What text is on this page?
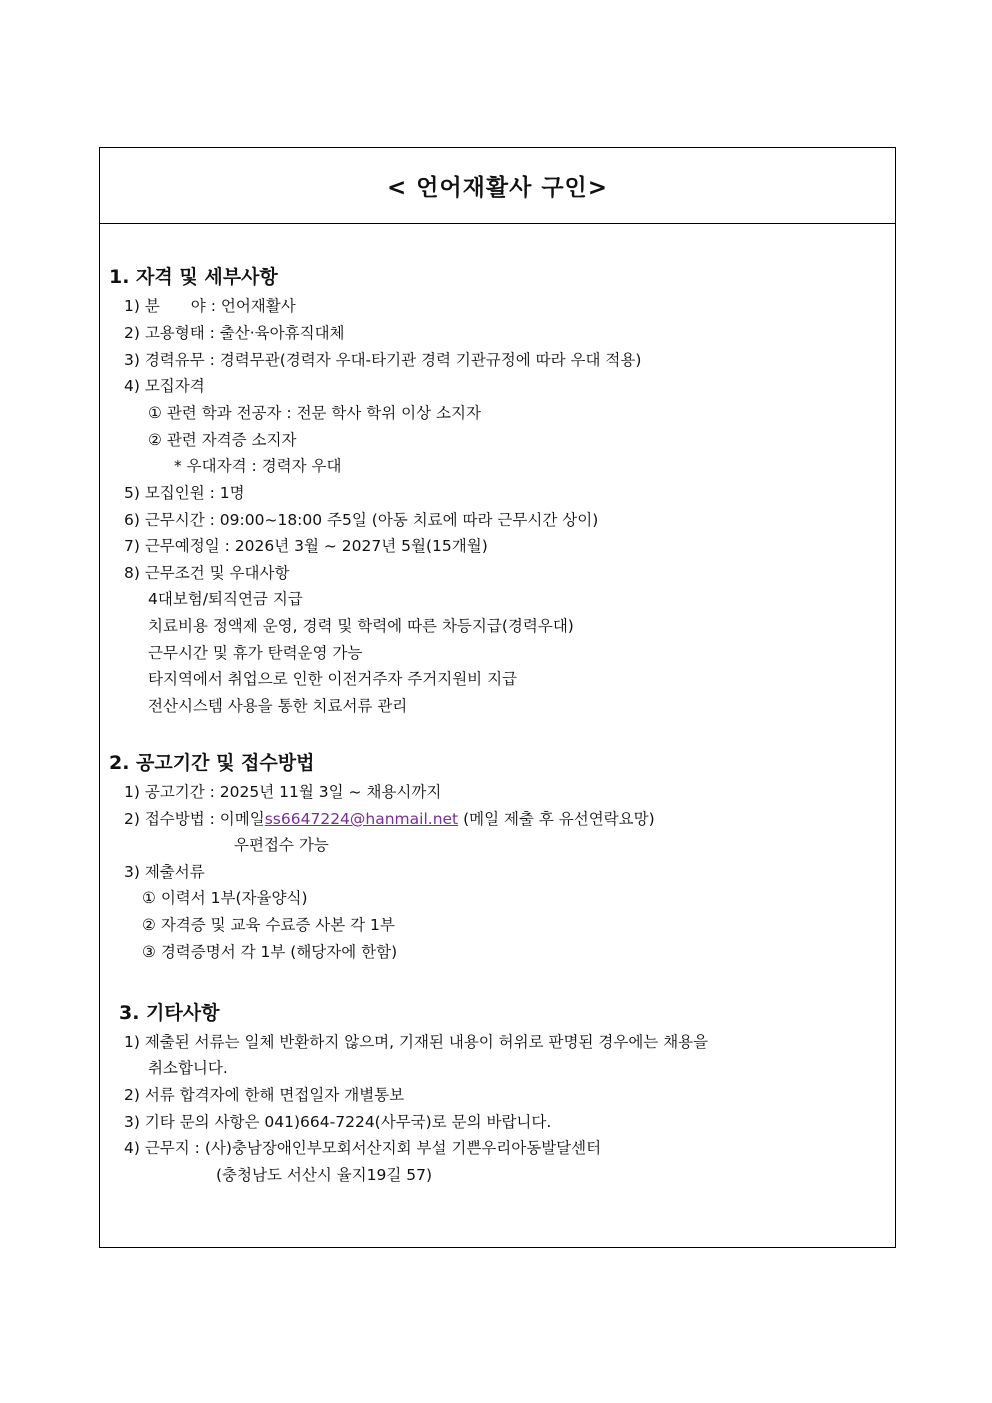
< 언어재활사 구인>
1. 자격 및 세부사항
1) 분　　야 : 언어재활사
2) 고용형태 : 출산·육아휴직대체
3) 경력유무 : 경력무관(경력자 우대-타기관 경력 기관규정에 따라 우대 적용)
4) 모집자격
① 관련 학과 전공자 : 전문 학사 학위 이상 소지자
② 관련 자격증 소지자
* 우대자격 : 경력자 우대
5) 모집인원 : 1명
6) 근무시간 : 09:00~18:00 주5일 (아동 치료에 따라 근무시간 상이)
7) 근무예정일 : 2026년 3월 ~ 2027년 5월(15개월)
8) 근무조건 및 우대사항
4대보험/퇴직연금 지급
치료비용 정액제 운영, 경력 및 학력에 따른 차등지급(경력우대)
근무시간 및 휴가 탄력운영 가능
타지역에서 취업으로 인한 이전거주자 주거지원비 지급
전산시스템 사용을 통한 치료서류 관리
2. 공고기간 및 접수방법
1) 공고기간 : 2025년 11월 3일 ~ 채용시까지
2) 접수방법 : 이메일ss6647224@hanmail.net (메일 제출 후 유선연락요망)
우편접수 가능
3) 제출서류
① 이력서 1부(자율양식)
② 자격증 및 교육 수료증 사본 각 1부
③ 경력증명서 각 1부 (해당자에 한함)
3. 기타사항
1) 제출된 서류는 일체 반환하지 않으며, 기재된 내용이 허위로 판명된 경우에는 채용을
취소합니다.
2) 서류 합격자에 한해 면접일자 개별통보
3) 기타 문의 사항은 041)664-7224(사무국)로 문의 바랍니다.
4) 근무지 : (사)충남장애인부모회서산지회 부설 기쁜우리아동발달센터
(충청남도 서산시 율지19길 57)
